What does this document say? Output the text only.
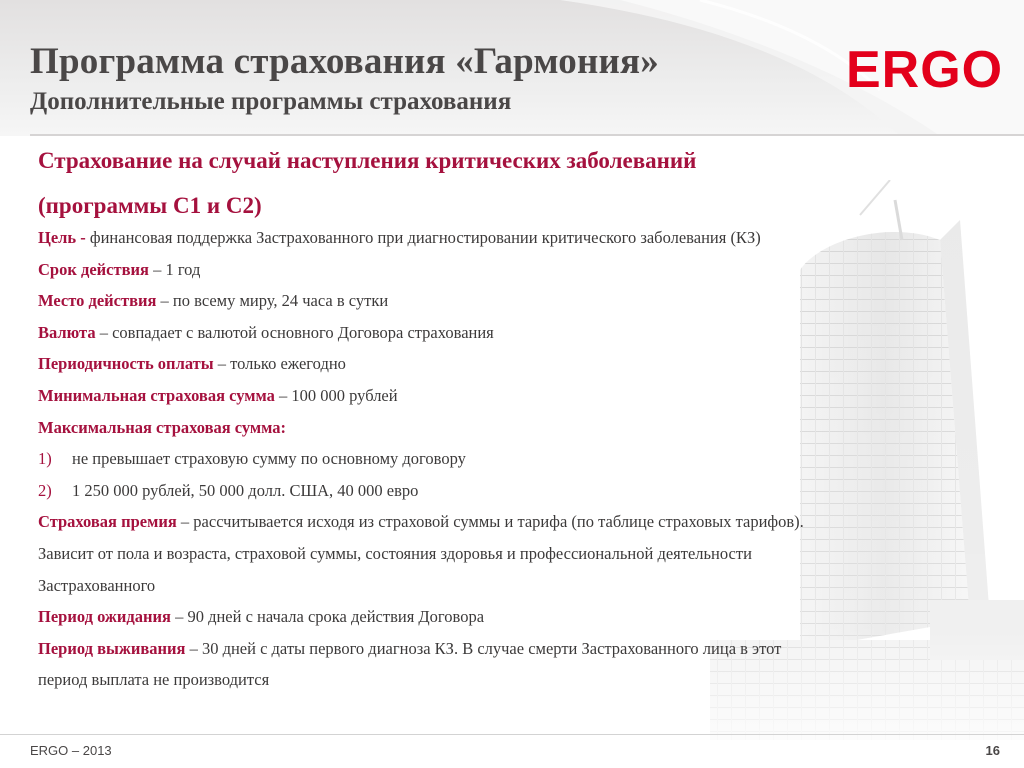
Программа страхования «Гармония»
Дополнительные программы страхования
ERGO
Страхование на случай наступления критических заболеваний
(программы С1 и С2)
Цель - финансовая поддержка Застрахованного при диагностировании критического заболевания (КЗ)
Срок действия – 1 год
Место действия – по всему миру, 24 часа в сутки
Валюта – совпадает с валютой основного Договора страхования
Периодичность оплаты – только ежегодно
Минимальная страховая сумма – 100 000 рублей
Максимальная страховая сумма:
1) не превышает страховую сумму по основному договору
2) 1 250 000 рублей, 50 000 долл. США, 40 000 евро
Страховая премия – рассчитывается исходя из страховой суммы и тарифа (по таблице страховых тарифов).
Зависит от пола и возраста, страховой суммы, состояния здоровья и профессиональной деятельности
Застрахованного
Период ожидания – 90 дней с начала срока действия Договора
Период выживания – 30 дней с даты первого диагноза КЗ. В случае смерти Застрахованного лица в этот
период выплата не производится
ERGO – 2013	16
